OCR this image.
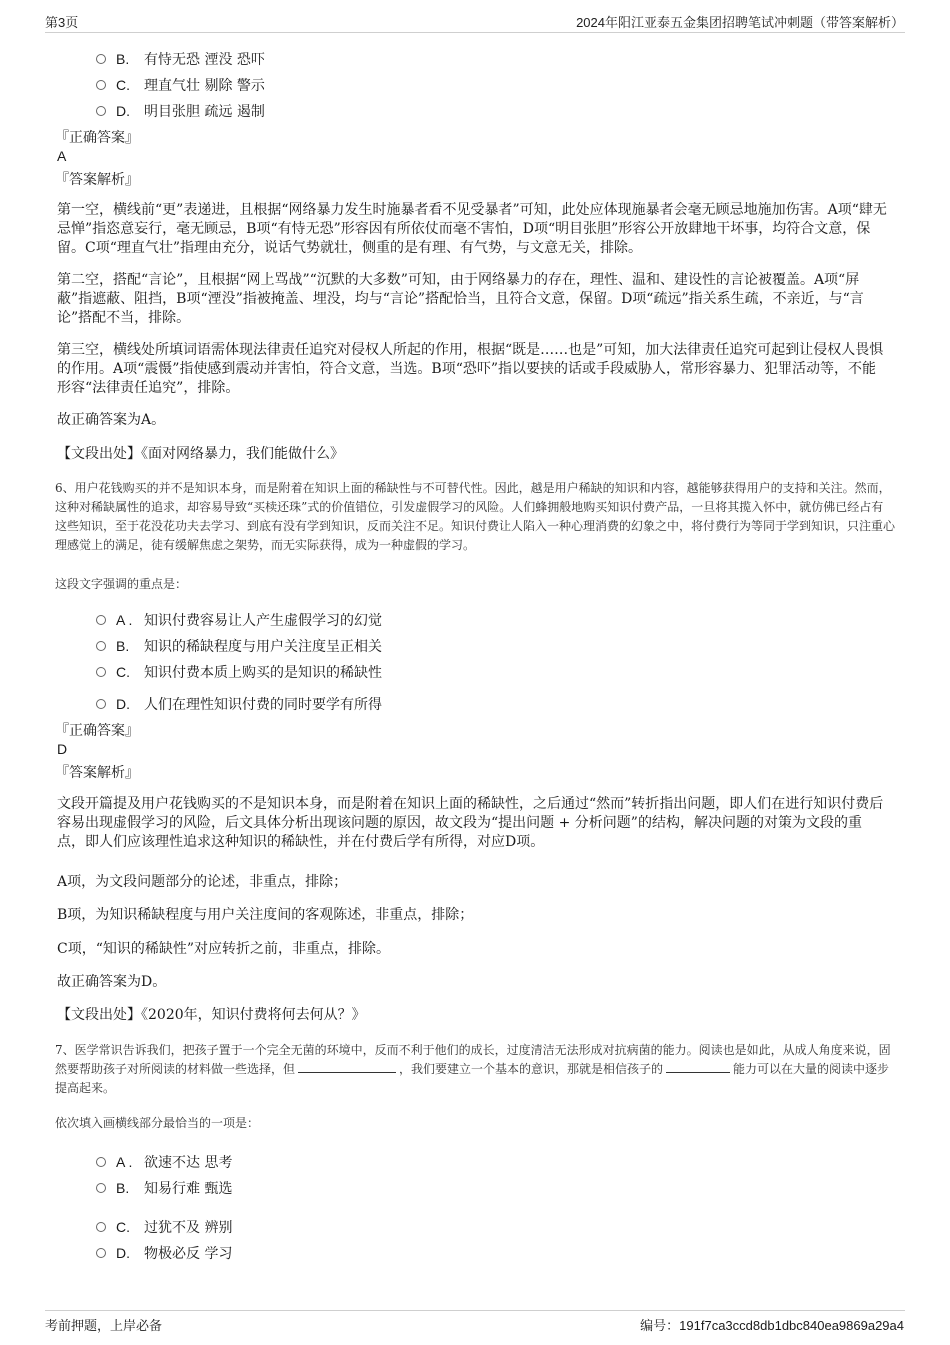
第3页	2024年阳江亚泰五金集团招聘笔试冲刺题（带答案解析）
B. 有恃无恐 湮没 恐吓
C. 理直气壮 剔除 警示
D. 明目张胆 疏远 遏制
『正确答案』
A
『答案解析』
第一空，横线前“更”表递进，且根据“网络暴力发生时施暴者看不见受暴者”可知，此处应体现施暴者会毫无顾忌地施加伤害。A项“肆无忌惮”指恣意妄行，毫无顾忌，B项“有恃无恐”形容因有所依仗而毫不害怕，D项“明目张胆”形容公开放肆地干坏事，均符合文意，保留。C项“理直气壮”指理由充分，说话气势就壮，侧重的是有理、有气势，与文意无关，排除。
第二空，搭配“言论”，且根据“网上骂战”“沉默的大多数”可知，由于网络暴力的存在，理性、温和、建设性的言论被覆盖。A项“屏蔽”指遮蔽、阻挡，B项“湮没”指被掩盖、埋没，均与“言论”搭配恰当，且符合文意，保留。D项“疏远”指关系生疏，不亲近，与“言论”搭配不当，排除。
第三空，横线处所填词语需体现法律责任追究对侵权人所起的作用，根据“既是……也是”可知，加大法律责任追究可起到让侵权人畏惧的作用。A项“震慑”指使感到震动并害怕，符合文意，当选。B项“恐吓”指以要挟的话或手段威胁人，常形容暴力、犯罪活动等，不能形容“法律责任追究”，排除。
故正确答案为A。
【文段出处】《面对网络暴力，我们能做什么》
6、用户花钱购买的并不是知识本身，而是附着在知识上面的稀缺性与不可替代性。因此，越是用户稀缺的知识和内容，越能够获得用户的支持和关注。然而，这种对稀缺属性的追求，却容易导致“买椟还珠”式的价值错位，引发虚假学习的风险。人们蜂拥般地购买知识付费产品，一旦将其揽入怀中，就仿佛已经占有这些知识，至于花没花功夫去学习、到底有没有学到知识，反而关注不足。知识付费让人陷入一种心理消费的幻象之中，将付费行为等同于学到知识，只注重心理感觉上的满足，徒有缓解焦虑之架势，而无实际获得，成为一种虚假的学习。
这段文字强调的重点是：
A . 知识付费容易让人产生虚假学习的幻觉
B. 知识的稀缺程度与用户关注度呈正相关
C. 知识付费本质上购买的是知识的稀缺性
D. 人们在理性知识付费的同时要学有所得
『正确答案』
D
『答案解析』
文段开篇提及用户花钱购买的不是知识本身，而是附着在知识上面的稀缺性，之后通过“然而”转折指出问题，即人们在进行知识付费后容易出现虚假学习的风险，后文具体分析出现该问题的原因，故文段为“提出问题 + 分析问题”的结构，解决问题的对策为文段的重点，即人们应该理性追求这种知识的稀缺性，并在付费后学有所得，对应D项。
A项，为文段问题部分的论述，非重点，排除；
B项，为知识稀缺程度与用户关注度间的客观陈述，非重点，排除；
C项，“知识的稀缺性”对应转折之前，非重点，排除。
故正确答案为D。
【文段出处】《2020年，知识付费将何去何从？》
7、医学常识告诉我们，把孩子置于一个完全无菌的环境中，反而不利于他们的成长，过度清洁无法形成对抗病菌的能力。阅读也是如此，从成人角度来说，固然要帮助孩子对所阅读的材料做一些选择，但	，我们要建立一个基本的意识，那就是相信孩子的	能力可以在大量的阅读中逐步提高起来。
依次填入画横线部分最恰当的一项是：
A . 欲速不达 思考
B. 知易行难 甄选
C. 过犹不及 辨别
D. 物极必反 学习
考前押题，上岸必备	编号：191f7ca3ccd8db1dbc840ea9869a29a4
